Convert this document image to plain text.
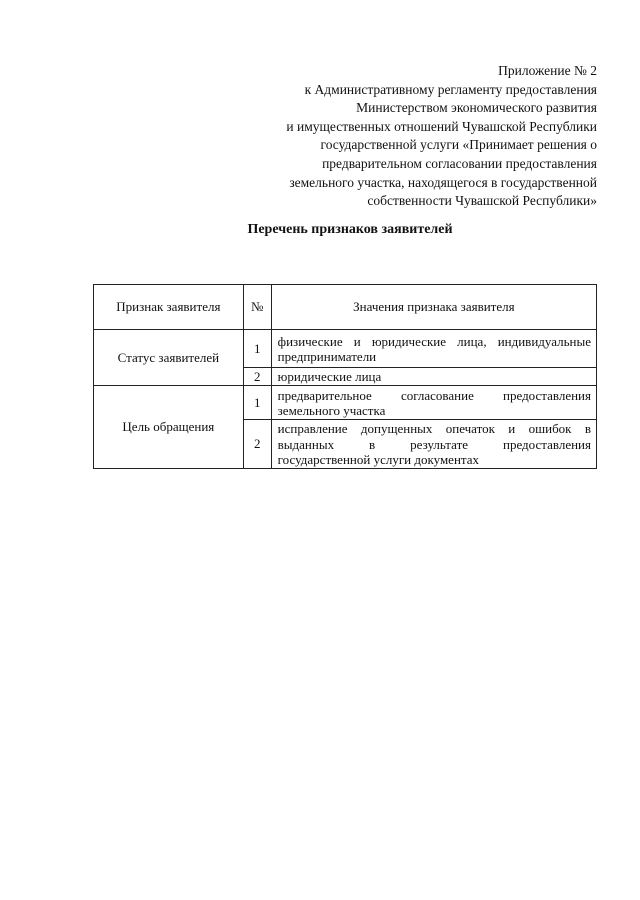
Приложение № 2
к Административному регламенту предоставления
Министерством экономического развития
и имущественных отношений Чувашской Республики
государственной услуги «Принимает решения о
предварительном согласовании предоставления
земельного участка, находящегося в государственной
собственности Чувашской Республики»
Перечень признаков заявителей
Признак заявителя	№	Значения признака заявителя
Статус заявителей	1	физические и юридические лица, индивидуальные предприниматели
	2	юридические лица
Цель обращения	1	предварительное согласование предоставления земельного участка
	2	исправление допущенных опечаток и ошибок в выданных в результате предоставления государственной услуги документах
